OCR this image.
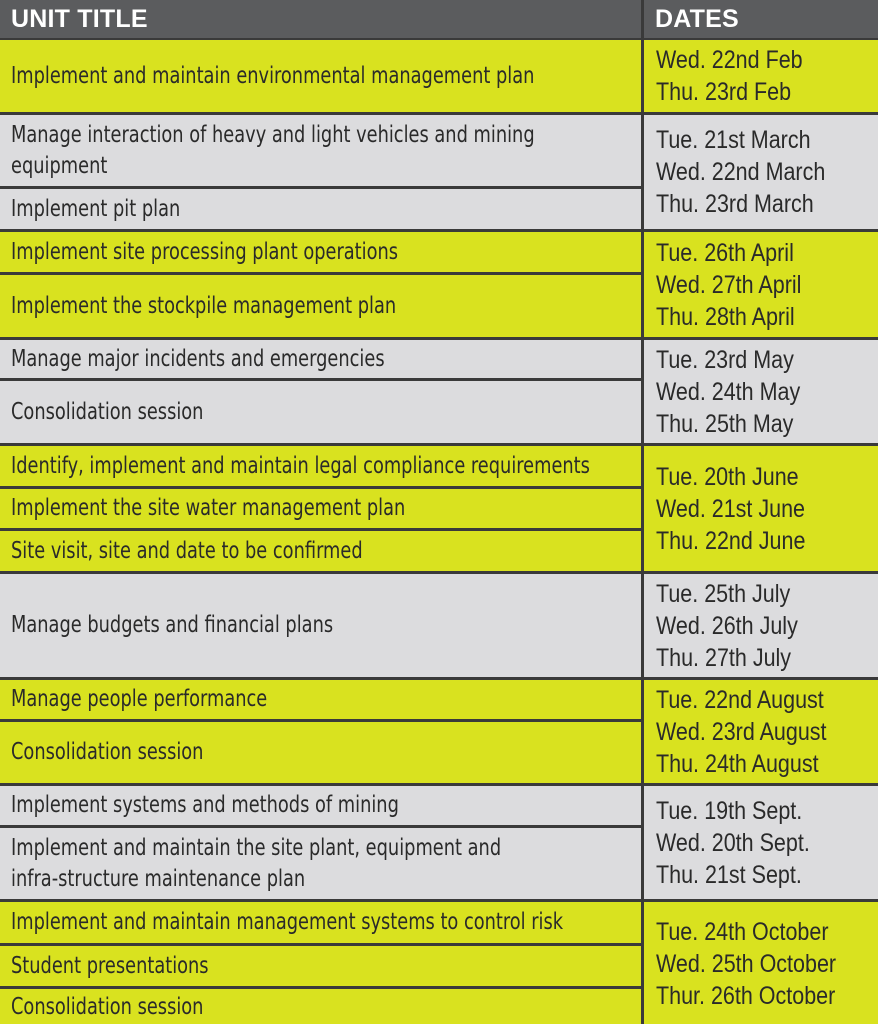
UNIT TITLE	DATES
Implement and maintain environmental management plan
Wed. 22nd Feb
Thu. 23rd Feb
Manage interaction of heavy and light vehicles and mining equipment
Implement pit plan
Tue. 21st March
Wed. 22nd March
Thu. 23rd March
Implement site processing plant operations
Implement the stockpile management plan
Tue. 26th April
Wed. 27th April
Thu. 28th April
Manage major incidents and emergencies
Consolidation session
Tue. 23rd May
Wed. 24th May
Thu. 25th May
Identify, implement and maintain legal compliance requirements
Implement the site water management plan
Site visit, site and date to be confirmed
Tue. 20th June
Wed. 21st June
Thu. 22nd June
Manage budgets and financial plans
Tue. 25th July
Wed. 26th July
Thu. 27th July
Manage people performance
Consolidation session
Tue. 22nd August
Wed. 23rd August
Thu. 24th August
Implement systems and methods of mining
Implement and maintain the site plant, equipment and infra-structure maintenance plan
Tue. 19th Sept.
Wed. 20th Sept.
Thu. 21st Sept.
Implement and maintain management systems to control risk
Student presentations
Consolidation session
Tue. 24th October
Wed. 25th October
Thur. 26th October
